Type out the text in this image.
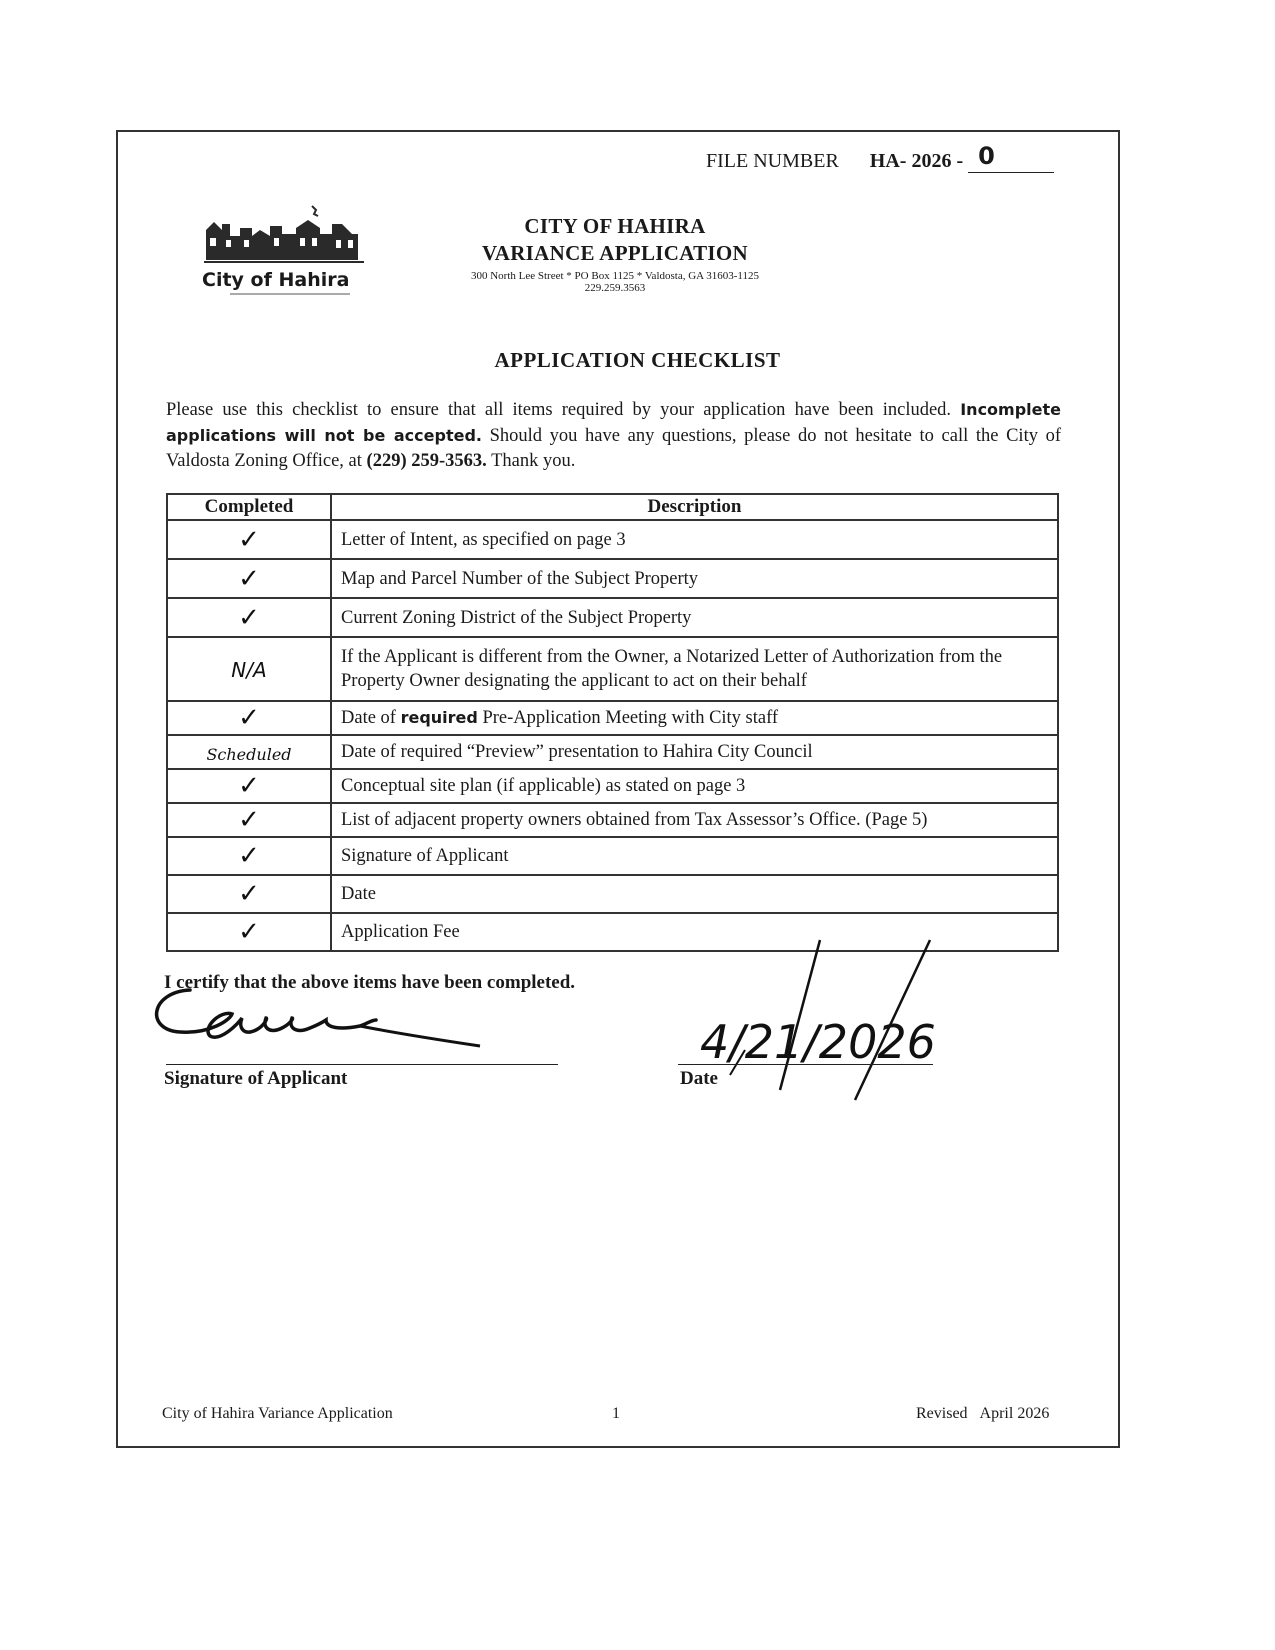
FILE NUMBER HA- 2026 - 0
City of Hahira
CITY OF HAHIRA
VARIANCE APPLICATION
300 North Lee Street * PO Box 1125 * Valdosta, GA 31603-1125
229.259.3563
APPLICATION CHECKLIST
Please use this checklist to ensure that all items required by your application have been included. Incomplete applications will not be accepted. Should you have any questions, please do not hesitate to call the City of Valdosta Zoning Office, at (229) 259-3563. Thank you.
Completed	Description
✓	Letter of Intent, as specified on page 3
✓	Map and Parcel Number of the Subject Property
✓	Current Zoning District of the Subject Property
N/A	If the Applicant is different from the Owner, a Notarized Letter of Authorization from the Property Owner designating the applicant to act on their behalf
✓	Date of required Pre-Application Meeting with City staff
Scheduled	Date of required “Preview” presentation to Hahira City Council
✓	Conceptual site plan (if applicable) as stated on page 3
✓	List of adjacent property owners obtained from Tax Assessor’s Office. (Page 5)
✓	Signature of Applicant
✓	Date
✓	Application Fee
I certify that the above items have been completed.
Signature of Applicant
4/21/2026
Date
City of Hahira Variance Application	1	Revised April 2026
